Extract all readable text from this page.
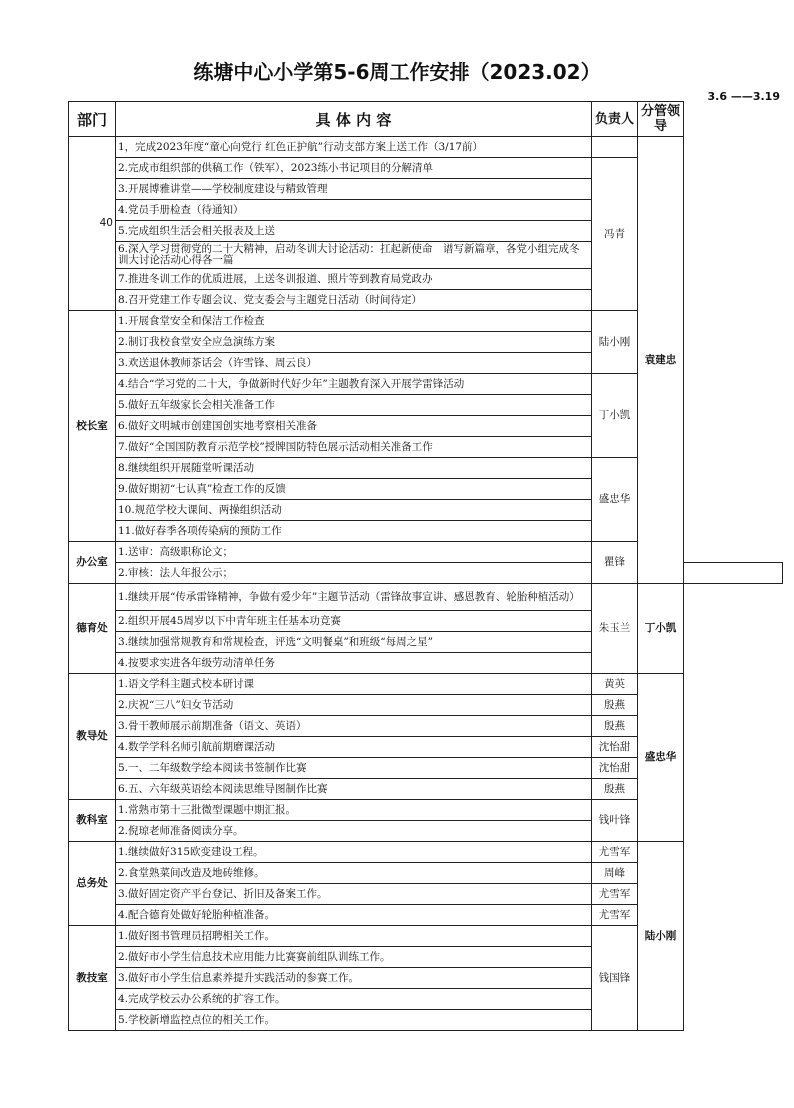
练塘中心小学第5-6周工作安排（2023.02）
3.6 ——3.19
部门	具 体 内 容	负责人	分管领导	
40	1，完成2023年度“童心向党行 红色正护航”行动支部方案上送工作（3/17前）		袁建忠	
	2.完成市组织部的供稿工作（铁军），2023练小书记项目的分解清单	冯青		
	3.开展博雅讲堂——学校制度建设与精致管理			
	4.党员手册检查（待通知）			
	5.完成组织生活会相关报表及上送			
	6.深入学习贯彻党的二十大精神，启动冬训大讨论活动：扛起新使命　谱写新篇章，各党小组完成冬训大讨论活动心得各一篇			
	7.推进冬训工作的优质进展，上送冬训报道、照片等到教育局党政办			
	8.召开党建工作专题会议、党支委会与主题党日活动（时间待定）			
校长室	1.开展食堂安全和保洁工作检查	陆小刚		
	2.制订我校食堂安全应急演练方案			
	3.欢送退休教师茶话会（许雪锋、周云良）			
	4.结合“学习党的二十大，争做新时代好少年”主题教育深入开展学雷锋活动	丁小凯		
	5.做好五年级家长会相关准备工作			
	6.做好文明城市创建国创实地考察相关准备			
	7.做好“全国国防教育示范学校”授牌国防特色展示活动相关准备工作			
	8.继续组织开展随堂听课活动	盛忠华		
	9.做好期初“七认真”检查工作的反馈			
	10.规范学校大课间、两操组织活动			
	11.做好春季各项传染病的预防工作			
办公室	1.送审：高级职称论文；	瞿锋		
	2.审核：法人年报公示；			
德育处	1.继续开展“传承雷锋精神，争做有爱少年”主题节活动（雷锋故事宣讲、感恩教育、轮胎种植活动）	朱玉兰	丁小凯	
	2.组织开展45周岁以下中青年班主任基本功竞赛			
	3.继续加强常规教育和常规检查，评选“文明餐桌”和班级“每周之星”			
	4.按要求实进各年级劳动清单任务			
教导处	1.语文学科主题式校本研讨课	黄英	盛忠华	
	2.庆祝“三八”妇女节活动	殷燕		
	3.骨干教师展示前期准备（语文、英语）	殷燕		
	4.数学学科名师引航前期磨课活动	沈怡甜		
	5.一、二年级数学绘本阅读书签制作比赛	沈怡甜		
	6.五、六年级英语绘本阅读思维导图制作比赛	殷燕		
教科室	1.常熟市第十三批微型课题中期汇报。	钱叶锋		
	2.倪琼老师准备阅读分享。			
总务处	1.继续做好315欧变建设工程。	尤雪军	陆小刚	
	2.食堂熟菜间改造及地砖维修。	周峰		
	3.做好固定资产平台登记、折旧及备案工作。	尤雪军		
	4.配合德育处做好轮胎种植准备。	尤雪军		
教技室	1.做好图书管理员招聘相关工作。	钱国锋		
	2.做好市小学生信息技术应用能力比赛赛前组队训练工作。			
	3.做好市小学生信息素养提升实践活动的参赛工作。			
	4.完成学校云办公系统的扩容工作。			
	5.学校新增监控点位的相关工作。			
